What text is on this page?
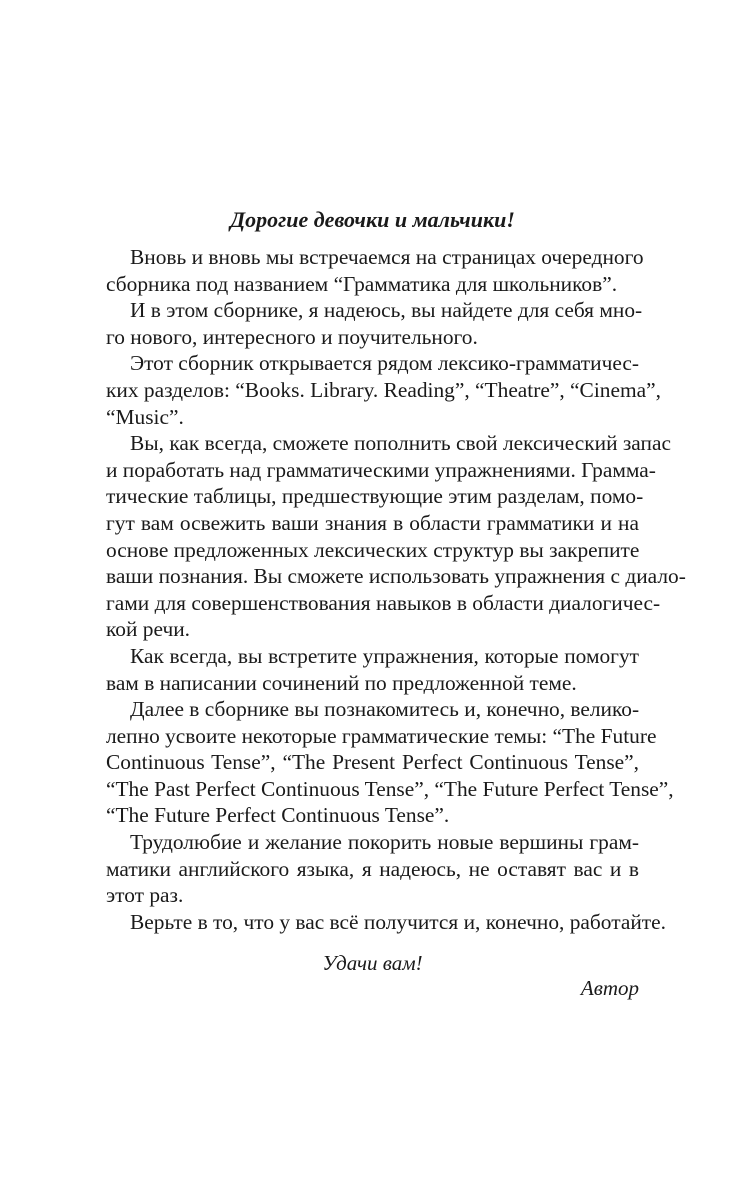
Дорогие девочки и мальчики!
Вновь и вновь мы встречаемся на страницах очередного
сборника под названием “Грамматика для школьников”.
И в этом сборнике, я надеюсь, вы найдете для себя мно-
го нового, интересного и поучительного.
Этот сборник открывается рядом лексико-грамматичес-
ких разделов: “Books. Library. Reading”, “Theatre”, “Cinema”,
“Music”.
Вы, как всегда, сможете пополнить свой лексический запас
и поработать над грамматическими упражнениями. Грамма-
тические таблицы, предшествующие этим разделам, помо-
гут вам освежить ваши знания в области грамматики и на
основе предложенных лексических структур вы закрепите
ваши познания. Вы сможете использовать упражнения с диало-
гами для совершенствования навыков в области диалогичес-
кой речи.
Как всегда, вы встретите упражнения, которые помогут
вам в написании сочинений по предложенной теме.
Далее в сборнике вы познакомитесь и, конечно, велико-
лепно усвоите некоторые грамматические темы: “The Future
Continuous Tense”, “The Present Perfect Continuous Tense”,
“The Past Perfect Continuous Tense”, “The Future Perfect Tense”,
“The Future Perfect Continuous Tense”.
Трудолюбие и желание покорить новые вершины грам-
матики английского языка, я надеюсь, не оставят вас и в
этот раз.
Верьте в то, что у вас всё получится и, конечно, работайте.

Удачи вам!

Автор
